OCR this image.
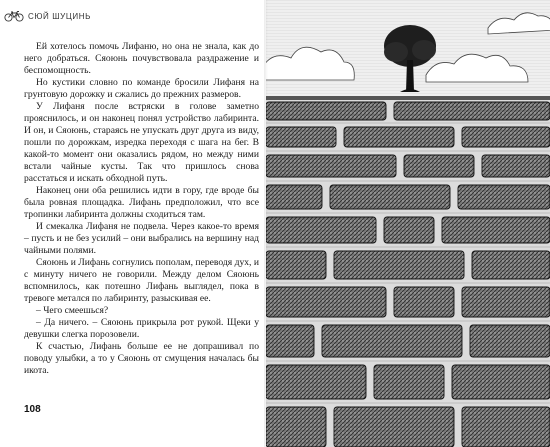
СЮЙ ШУЦИНЬ

Ей хотелось помочь Лифаню, но она не знала, как до него добраться. Сяоюнь почувствовала раздражение и беспомощность.

Но кустики словно по команде бросили Лифаня на грунтовую дорожку и сжались до прежних размеров.

У Лифаня после встряски в голове заметно прояснилось, и он наконец понял устройство лабиринта. И он, и Сяоюнь, стараясь не упускать друг друга из виду, пошли по дорожкам, изредка переходя с шага на бег. В какой-то момент они оказались рядом, но между ними встали чайные кусты. Так что пришлось снова расстаться и искать обходной путь.

Наконец они оба решились идти в гору, где вроде бы была ровная площадка. Лифань предположил, что все тропинки лабиринта должны сходиться там.

И смекалка Лифаня не подвела. Через какое-то время – пусть и не без усилий – они выбрались на вершину над чайными полями.

Сяоюнь и Лифань согнулись пополам, переводя дух, и с минуту ничего не говорили. Между делом Сяоюнь вспомнилось, как потешно Лифань выглядел, пока в тревоге метался по лабиринту, разыскивая ее.

– Чего смеешься?

– Да ничего. – Сяоюнь прикрыла рот рукой. Щеки у девушки слегка порозовели.

К счастью, Лифань больше ее не допрашивал по поводу улыбки, а то у Сяоюнь от смущения началась бы икота.

108
